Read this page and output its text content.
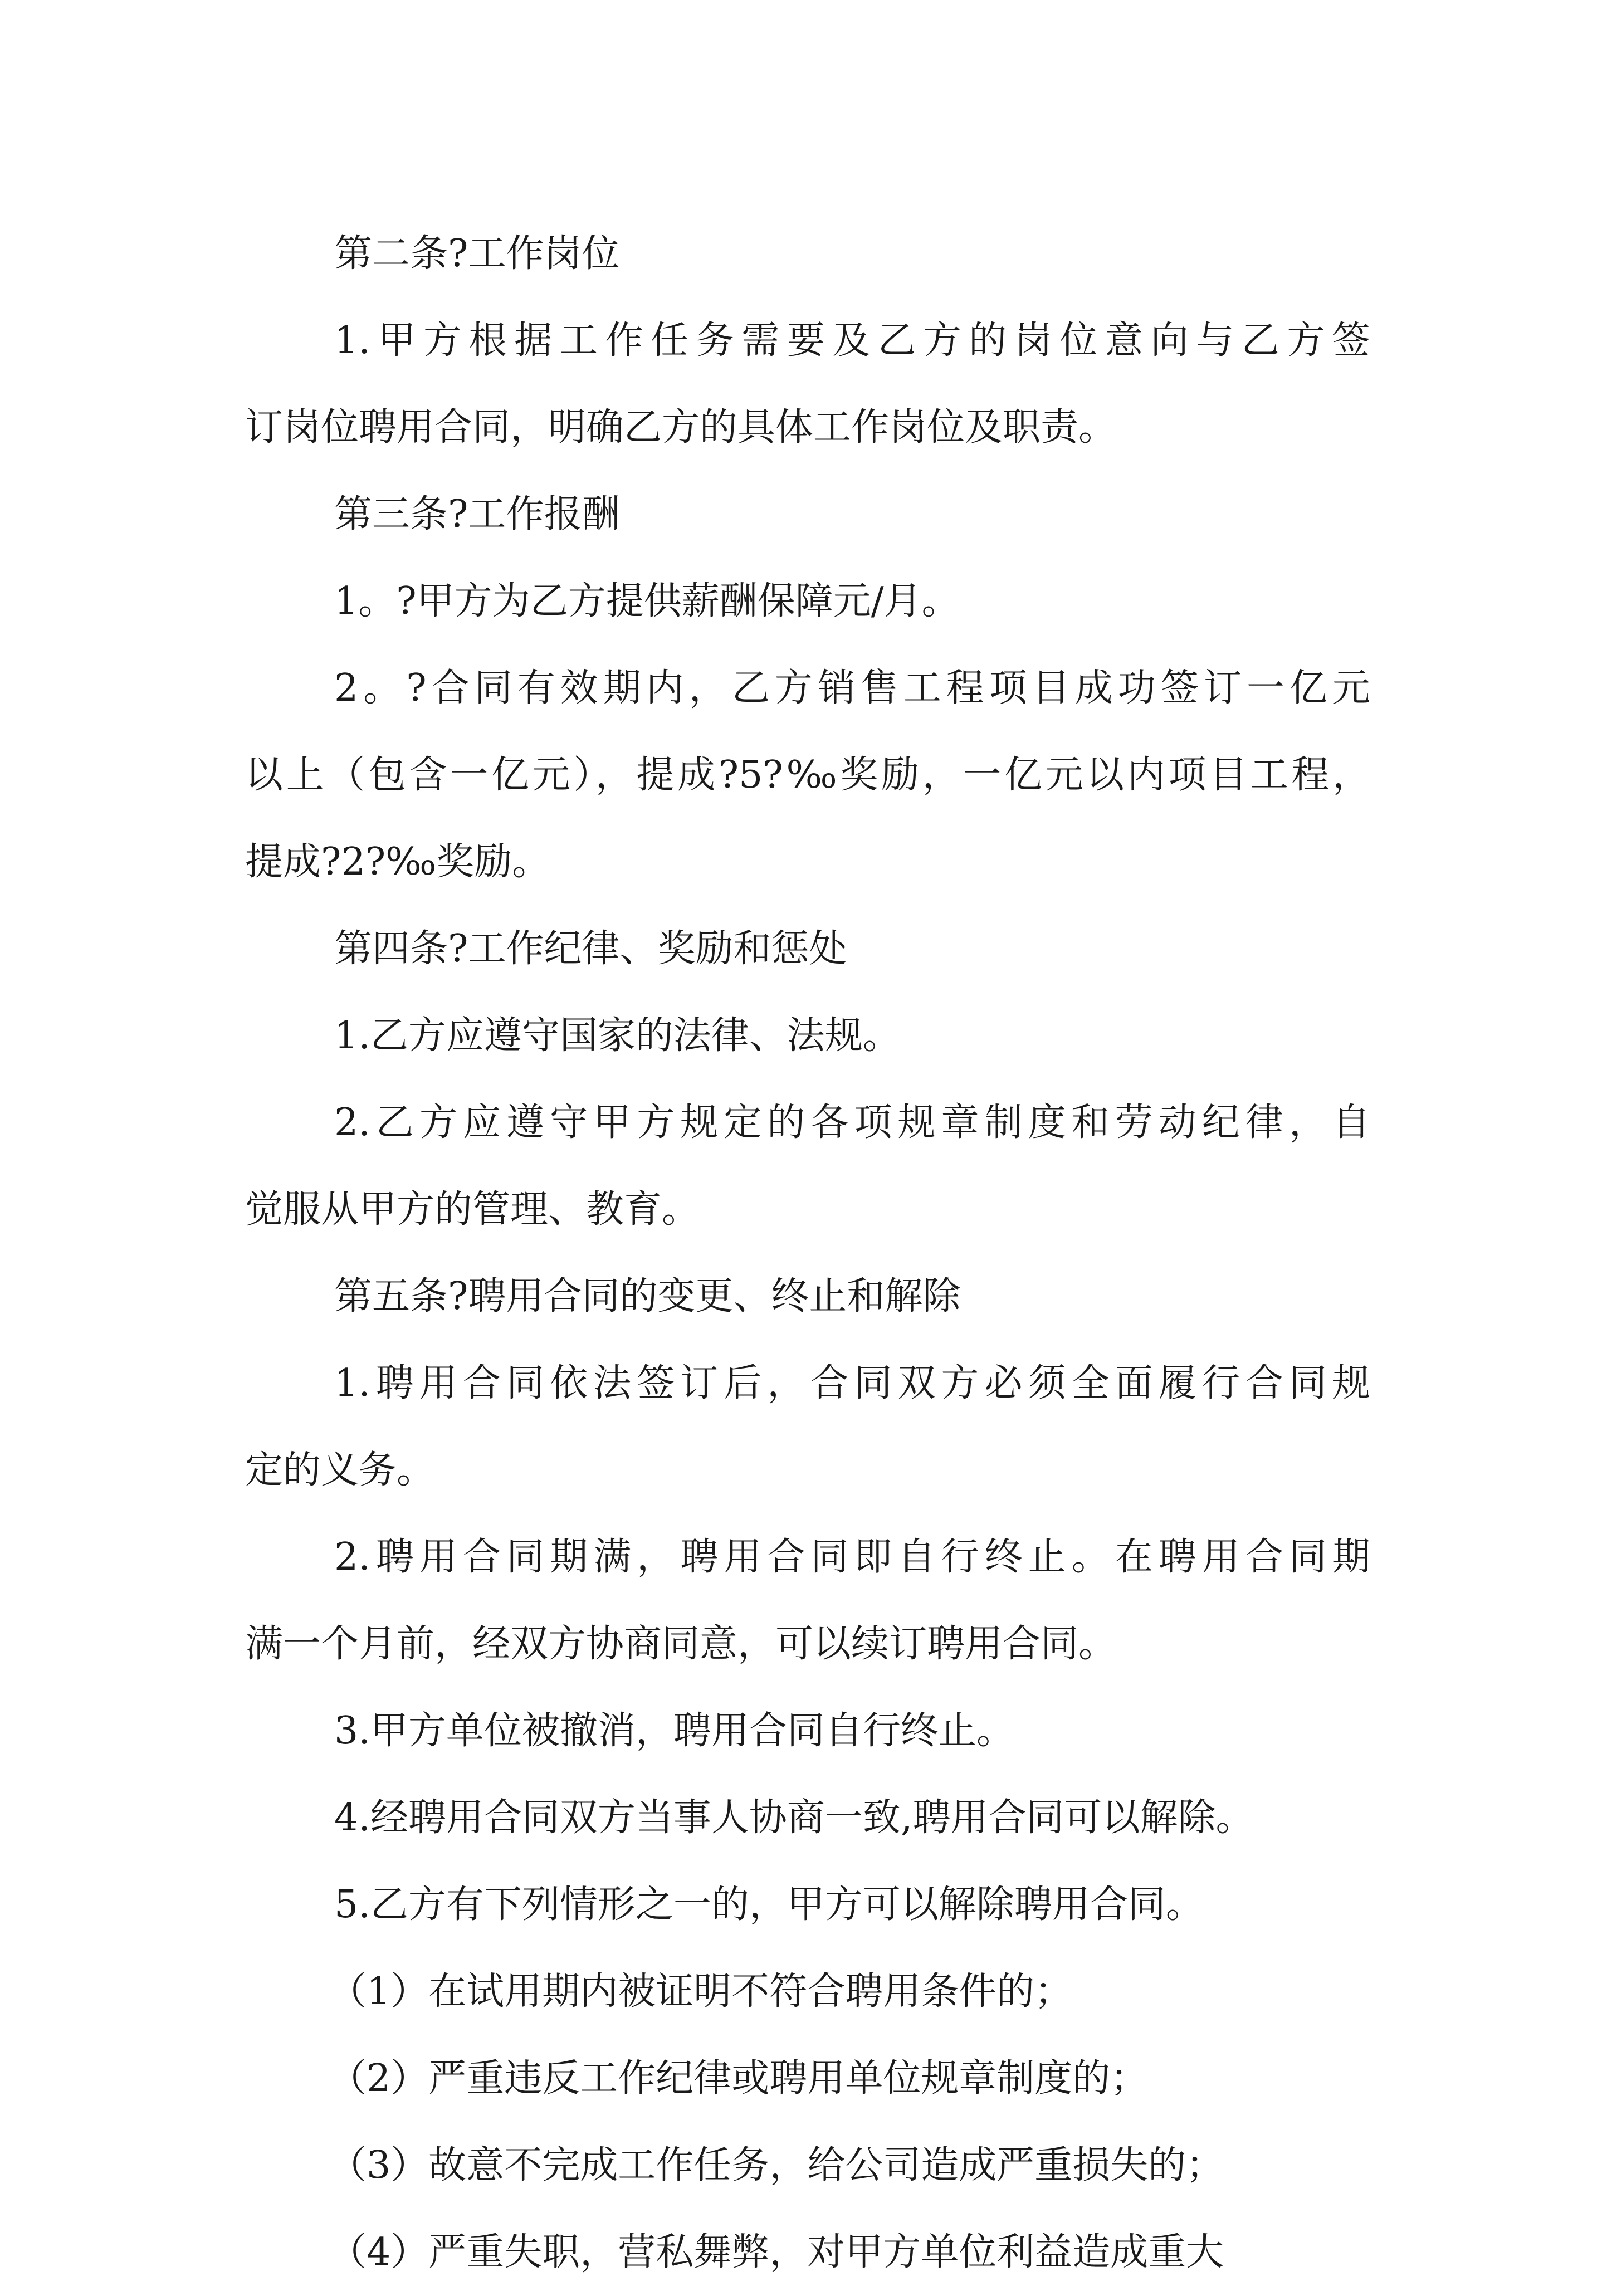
第二条?工作岗位

1.甲方根据工作任务需要及乙方的岗位意向与乙方签

订岗位聘用合同，明确乙方的具体工作岗位及职责。

第三条?工作报酬

1。?甲方为乙方提供薪酬保障元/月。

2。?合同有效期内，乙方销售工程项目成功签订一亿元

以上（包含一亿元），提成?5?‰奖励，一亿元以内项目工程，

提成?2?‰奖励。

第四条?工作纪律、奖励和惩处

1.乙方应遵守国家的法律、法规。

2.乙方应遵守甲方规定的各项规章制度和劳动纪律，自

觉服从甲方的管理、教育。

第五条?聘用合同的变更、终止和解除

1.聘用合同依法签订后，合同双方必须全面履行合同规

定的义务。

2.聘用合同期满，聘用合同即自行终止。在聘用合同期

满一个月前，经双方协商同意，可以续订聘用合同。

3.甲方单位被撤消，聘用合同自行终止。

4.经聘用合同双方当事人协商一致,聘用合同可以解除。

5.乙方有下列情形之一的，甲方可以解除聘用合同。

（1）在试用期内被证明不符合聘用条件的；

（2）严重违反工作纪律或聘用单位规章制度的；

（3）故意不完成工作任务，给公司造成严重损失的；

（4）严重失职，营私舞弊，对甲方单位利益造成重大
